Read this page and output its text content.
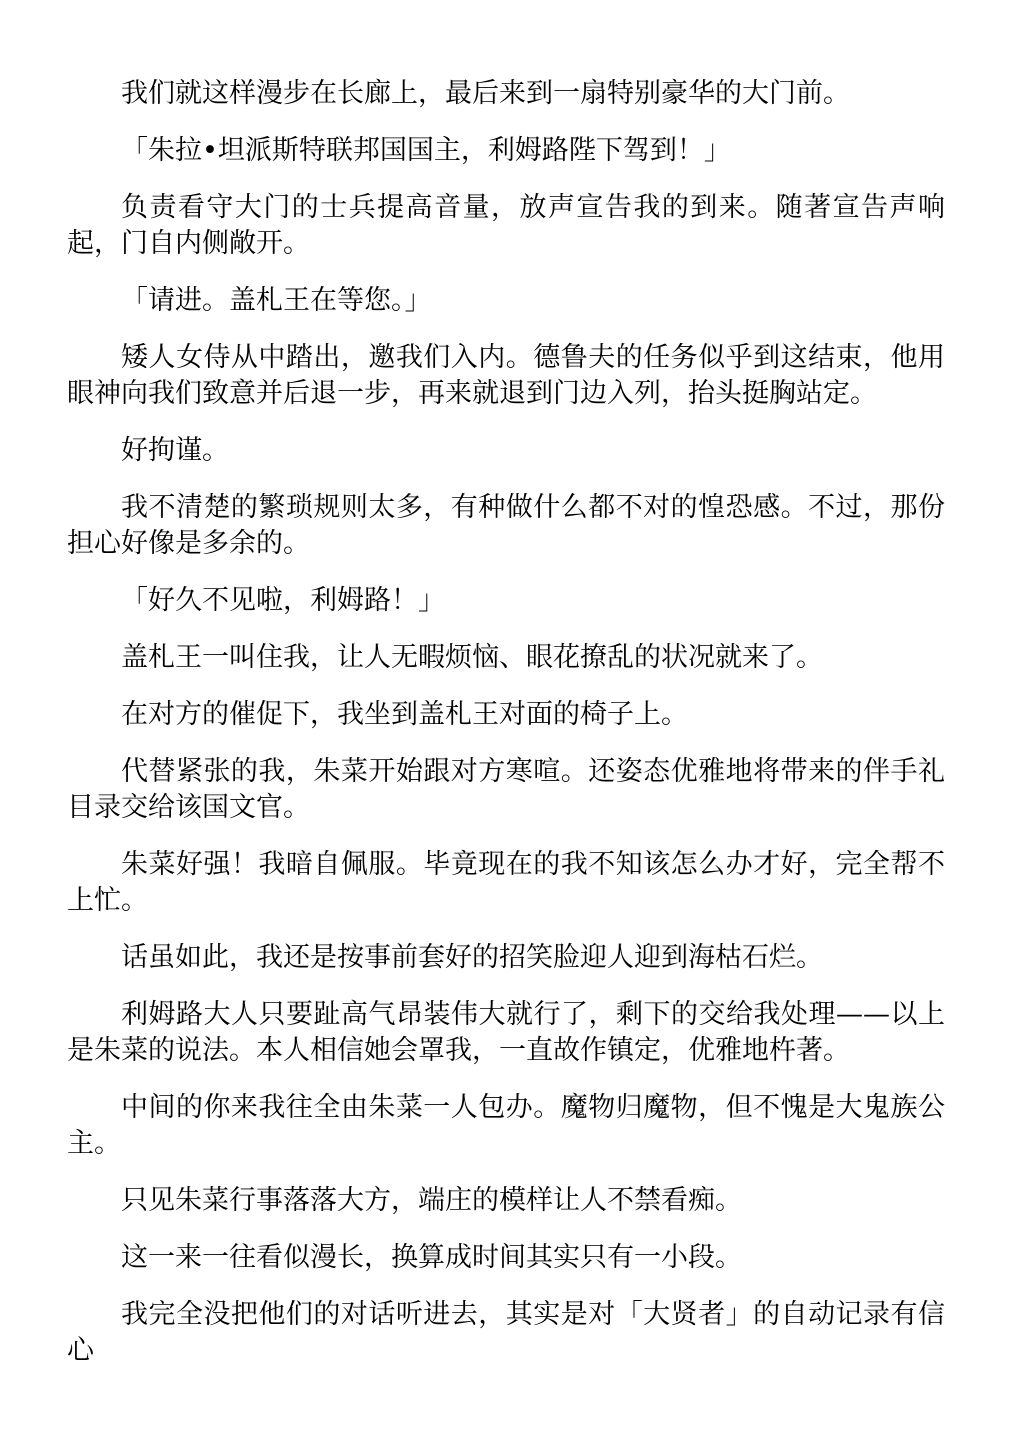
我们就这样漫步在长廊上，最后来到一扇特别豪华的大门前。

「朱拉•坦派斯特联邦国国主，利姆路陛下驾到！」

负责看守大门的士兵提高音量，放声宣告我的到来。随著宣告声响起，门自内侧敞开。

「请进。盖札王在等您。」

矮人女侍从中踏出，邀我们入内。德鲁夫的任务似乎到这结束，他用眼神向我们致意并后退一步，再来就退到门边入列，抬头挺胸站定。

好拘谨。

我不清楚的繁琐规则太多，有种做什么都不对的惶恐感。不过，那份担心好像是多余的。

「好久不见啦，利姆路！」

盖札王一叫住我，让人无暇烦恼、眼花撩乱的状况就来了。

在对方的催促下，我坐到盖札王对面的椅子上。

代替紧张的我，朱菜开始跟对方寒喧。还姿态优雅地将带来的伴手礼目录交给该国文官。

朱菜好强！我暗自佩服。毕竟现在的我不知该怎么办才好，完全帮不上忙。

话虽如此，我还是按事前套好的招笑脸迎人迎到海枯石烂。

利姆路大人只要趾高气昂装伟大就行了，剩下的交给我处理——以上是朱菜的说法。本人相信她会罩我，一直故作镇定，优雅地杵著。

中间的你来我往全由朱菜一人包办。魔物归魔物，但不愧是大鬼族公主。

只见朱菜行事落落大方，端庄的模样让人不禁看痴。

这一来一往看似漫长，换算成时间其实只有一小段。

我完全没把他们的对话听进去，其实是对「大贤者」的自动记录有信心
